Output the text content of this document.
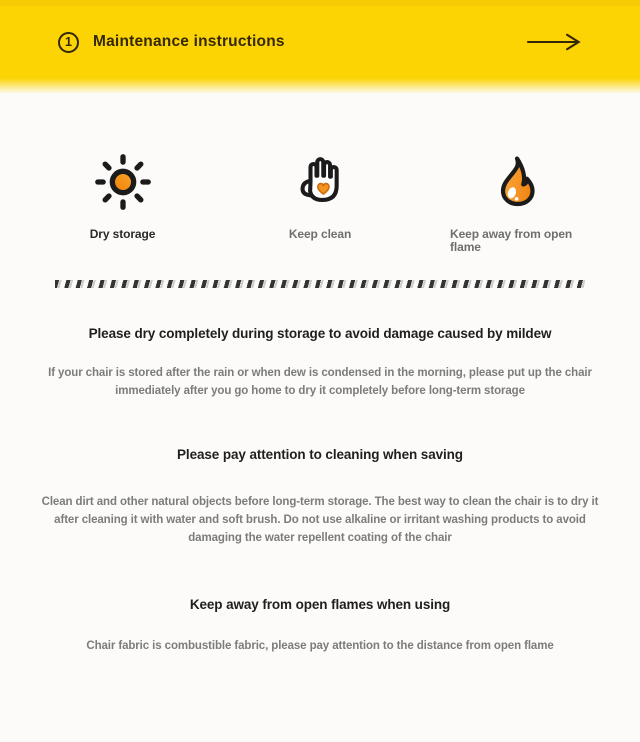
1 Maintenance instructions
Dry storage	Keep clean	Keep away from open flame
Please dry completely during storage to avoid damage caused by mildew
If your chair is stored after the rain or when dew is condensed in the morning, please put up the chair immediately after you go home to dry it completely before long-term storage
Please pay attention to cleaning when saving
Clean dirt and other natural objects before long-term storage. The best way to clean the chair is to dry it after cleaning it with water and soft brush. Do not use alkaline or irritant washing products to avoid damaging the water repellent coating of the chair
Keep away from open flames when using
Chair fabric is combustible fabric, please pay attention to the distance from open flame
